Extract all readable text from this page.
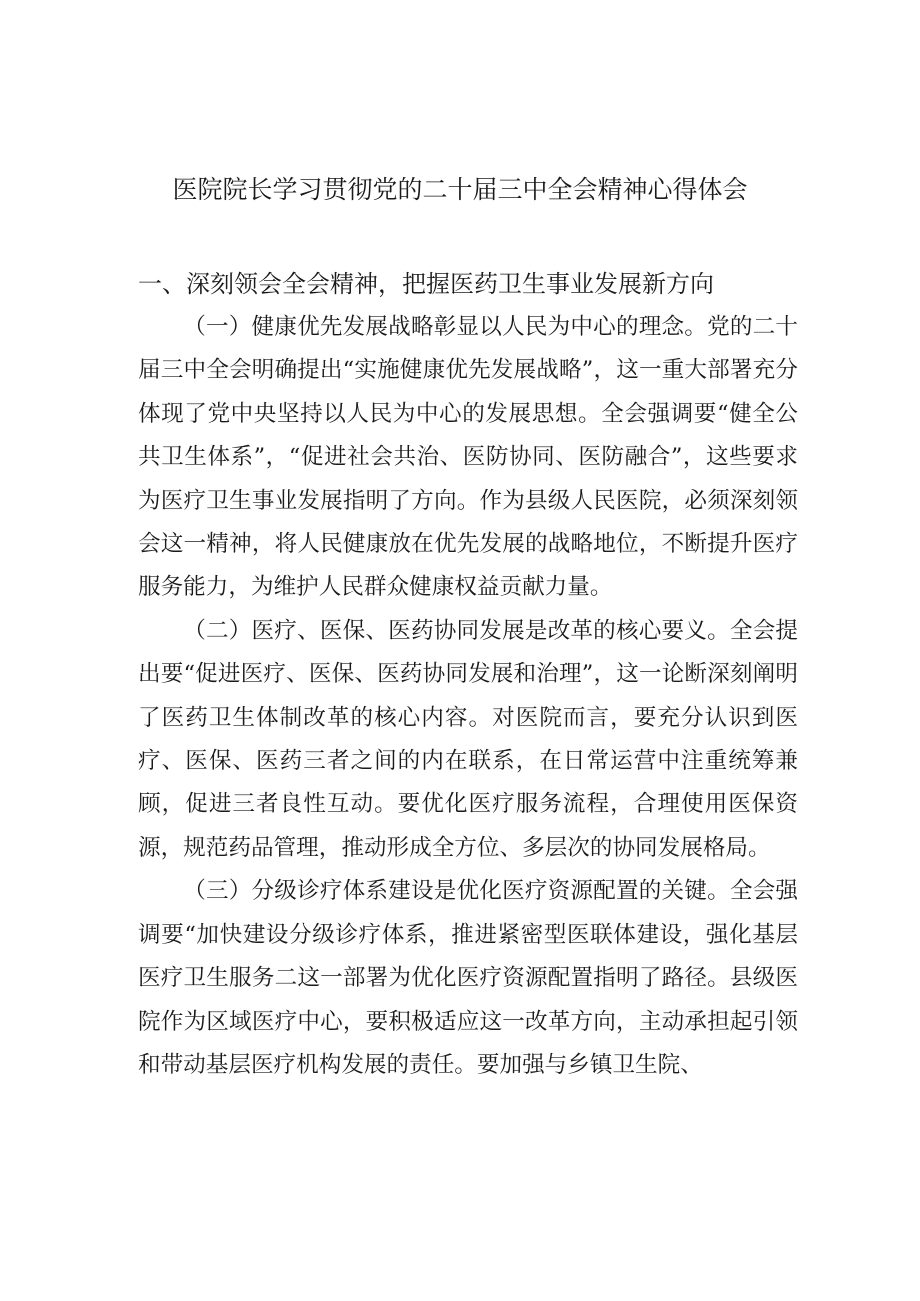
医院院长学习贯彻党的二十届三中全会精神心得体会
一、深刻领会全会精神，把握医药卫生事业发展新方向

（一）健康优先发展战略彰显以人民为中心的理念。党的二十届三中全会明确提出“实施健康优先发展战略”，这一重大部署充分体现了党中央坚持以人民为中心的发展思想。全会强调要“健全公共卫生体系”，“促进社会共治、医防协同、医防融合”，这些要求为医疗卫生事业发展指明了方向。作为县级人民医院，必须深刻领会这一精神，将人民健康放在优先发展的战略地位，不断提升医疗服务能力，为维护人民群众健康权益贡献力量。

（二）医疗、医保、医药协同发展是改革的核心要义。全会提出要“促进医疗、医保、医药协同发展和治理”，这一论断深刻阐明了医药卫生体制改革的核心内容。对医院而言，要充分认识到医疗、医保、医药三者之间的内在联系，在日常运营中注重统筹兼顾，促进三者良性互动。要优化医疗服务流程，合理使用医保资源，规范药品管理，推动形成全方位、多层次的协同发展格局。

（三）分级诊疗体系建设是优化医疗资源配置的关键。全会强调要“加快建设分级诊疗体系，推进紧密型医联体建设，强化基层医疗卫生服务二这一部署为优化医疗资源配置指明了路径。县级医院作为区域医疗中心，要积极适应这一改革方向，主动承担起引领和带动基层医疗机构发展的责任。要加强与乡镇卫生院、
